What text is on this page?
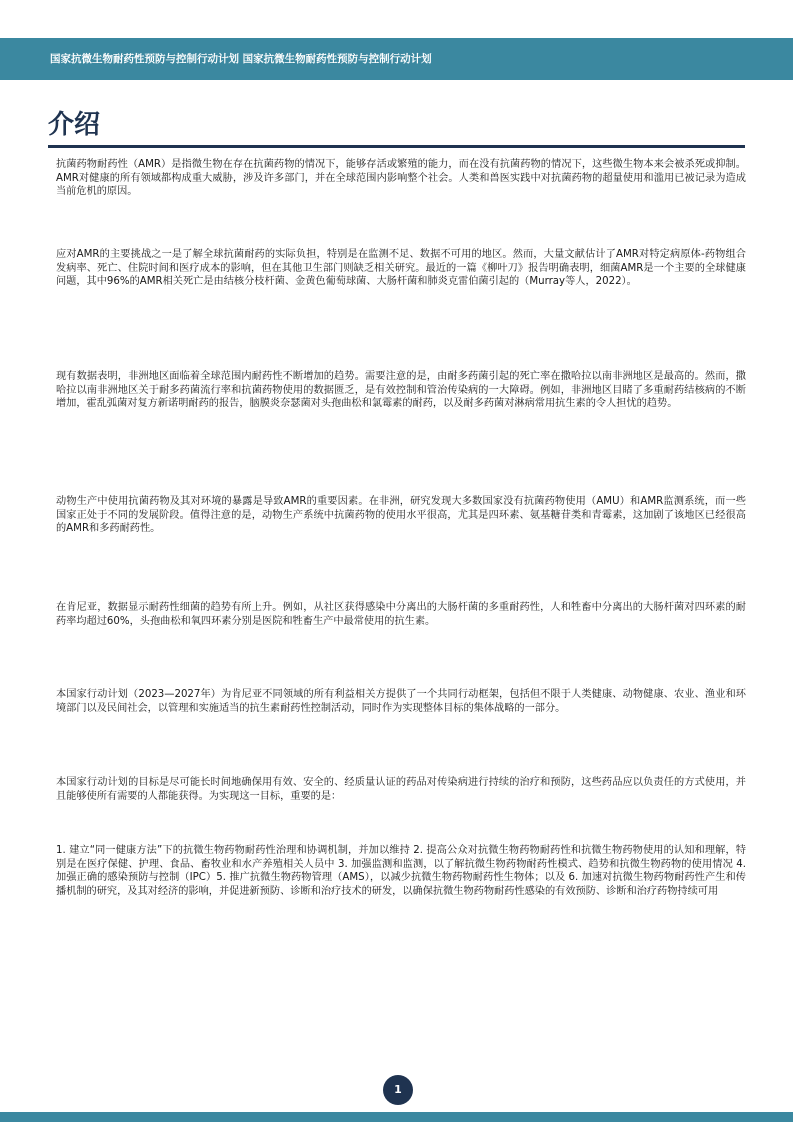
国家抗微生物耐药性预防与控制行动计划 国家抗微生物耐药性预防与控制行动计划
介绍

抗菌药物耐药性（AMR）是指微生物在存在抗菌药物的情况下，能够存活或繁殖的能力，而在没有抗菌药物的情况下，这些微生物本来会被杀死或抑制。AMR对健康的所有领域都构成重大威胁，涉及许多部门，并在全球范围内影响整个社会。人类和兽医实践中对抗菌药物的超量使用和滥用已被记录为造成当前危机的原因。

应对AMR的主要挑战之一是了解全球抗菌耐药的实际负担，特别是在监测不足、数据不可用的地区。然而，大量文献估计了AMR对特定病原体-药物组合发病率、死亡、住院时间和医疗成本的影响，但在其他卫生部门则缺乏相关研究。最近的一篇《柳叶刀》报告明确表明，细菌AMR是一个主要的全球健康问题，其中96%的AMR相关死亡是由结核分枝杆菌、金黄色葡萄球菌、大肠杆菌和肺炎克雷伯菌引起的（Murray等人，2022）。

现有数据表明，非洲地区面临着全球范围内耐药性不断增加的趋势。需要注意的是，由耐多药菌引起的死亡率在撒哈拉以南非洲地区是最高的。然而，撒哈拉以南非洲地区关于耐多药菌流行率和抗菌药物使用的数据匮乏，是有效控制和管治传染病的一大障碍。例如，非洲地区目睹了多重耐药结核病的不断增加，霍乱弧菌对复方新诺明耐药的报告，脑膜炎奈瑟菌对头孢曲松和氯霉素的耐药，以及耐多药菌对淋病常用抗生素的令人担忧的趋势。

动物生产中使用抗菌药物及其对环境的暴露是导致AMR的重要因素。在非洲，研究发现大多数国家没有抗菌药物使用（AMU）和AMR监测系统，而一些国家正处于不同的发展阶段。值得注意的是，动物生产系统中抗菌药物的使用水平很高，尤其是四环素、氨基糖苷类和青霉素，这加剧了该地区已经很高的AMR和多药耐药性。

在肯尼亚，数据显示耐药性细菌的趋势有所上升。例如，从社区获得感染中分离出的大肠杆菌的多重耐药性，人和牲畜中分离出的大肠杆菌对四环素的耐药率均超过60%，头孢曲松和氧四环素分别是医院和牲畜生产中最常使用的抗生素。

本国家行动计划（2023—2027年）为肯尼亚不同领域的所有利益相关方提供了一个共同行动框架，包括但不限于人类健康、动物健康、农业、渔业和环境部门以及民间社会，以管理和实施适当的抗生素耐药性控制活动，同时作为实现整体目标的集体战略的一部分。

本国家行动计划的目标是尽可能长时间地确保用有效、安全的、经质量认证的药品对传染病进行持续的治疗和预防，这些药品应以负责任的方式使用，并且能够使所有需要的人都能获得。为实现这一目标，重要的是：

1. 建立“同一健康方法”下的抗微生物药物耐药性治理和协调机制，并加以维持 2. 提高公众对抗微生物药物耐药性和抗微生物药物使用的认知和理解，特别是在医疗保健、护理、食品、畜牧业和水产养殖相关人员中 3. 加强监测和监测，以了解抗微生物药物耐药性模式、趋势和抗微生物药物的使用情况 4. 加强正确的感染预防与控制（IPC）5. 推广抗微生物药物管理（AMS），以减少抗微生物药物耐药性生物体；以及 6. 加速对抗微生物药物耐药性产生和传播机制的研究，及其对经济的影响，并促进新预防、诊断和治疗技术的研发，以确保抗微生物药物耐药性感染的有效预防、诊断和治疗药物持续可用

1
